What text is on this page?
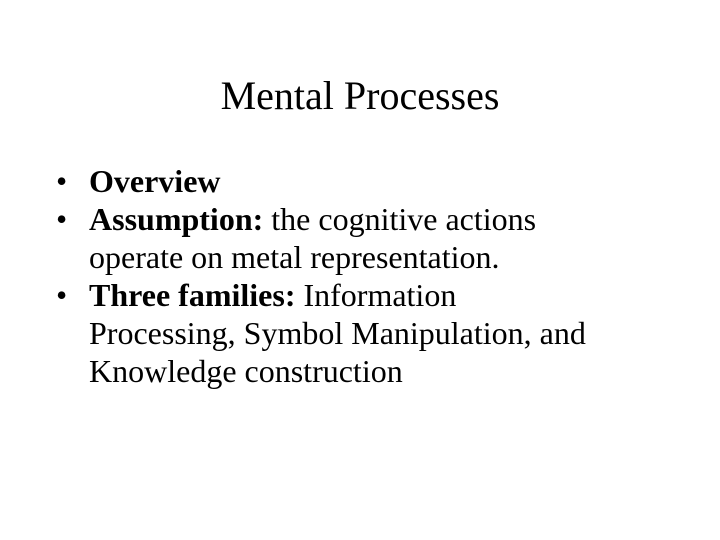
Mental Processes
• Overview
• Assumption: the cognitive actions
operate on metal representation.
• Three families: Information
Processing, Symbol Manipulation, and
Knowledge construction
